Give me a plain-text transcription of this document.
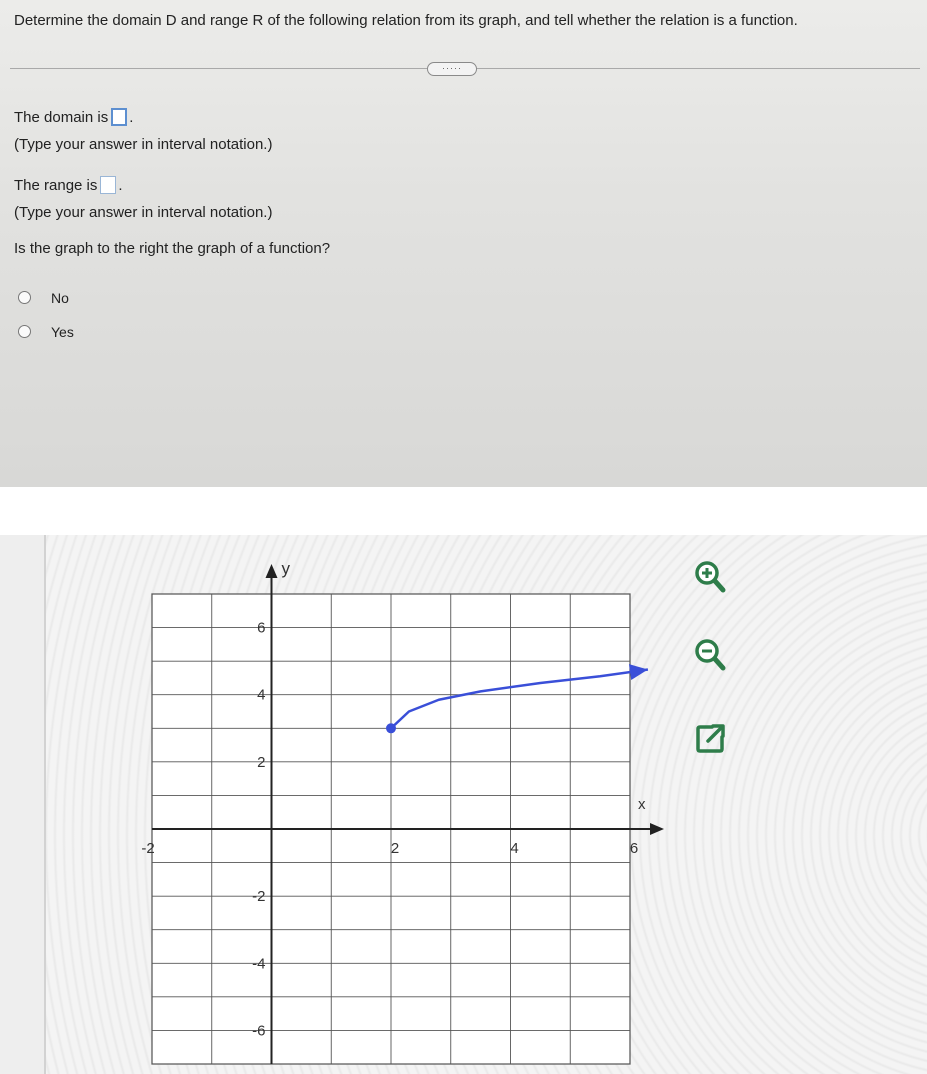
Determine the domain D and range R of the following relation from its graph, and tell whether the relation is a function.
·····
The domain is .
(Type your answer in interval notation.)
The range is .
(Type your answer in interval notation.)
Is the graph to the right the graph of a function?
No
Yes
x
y
-2	2	4	6
6
4
2
-2
-4
-6
